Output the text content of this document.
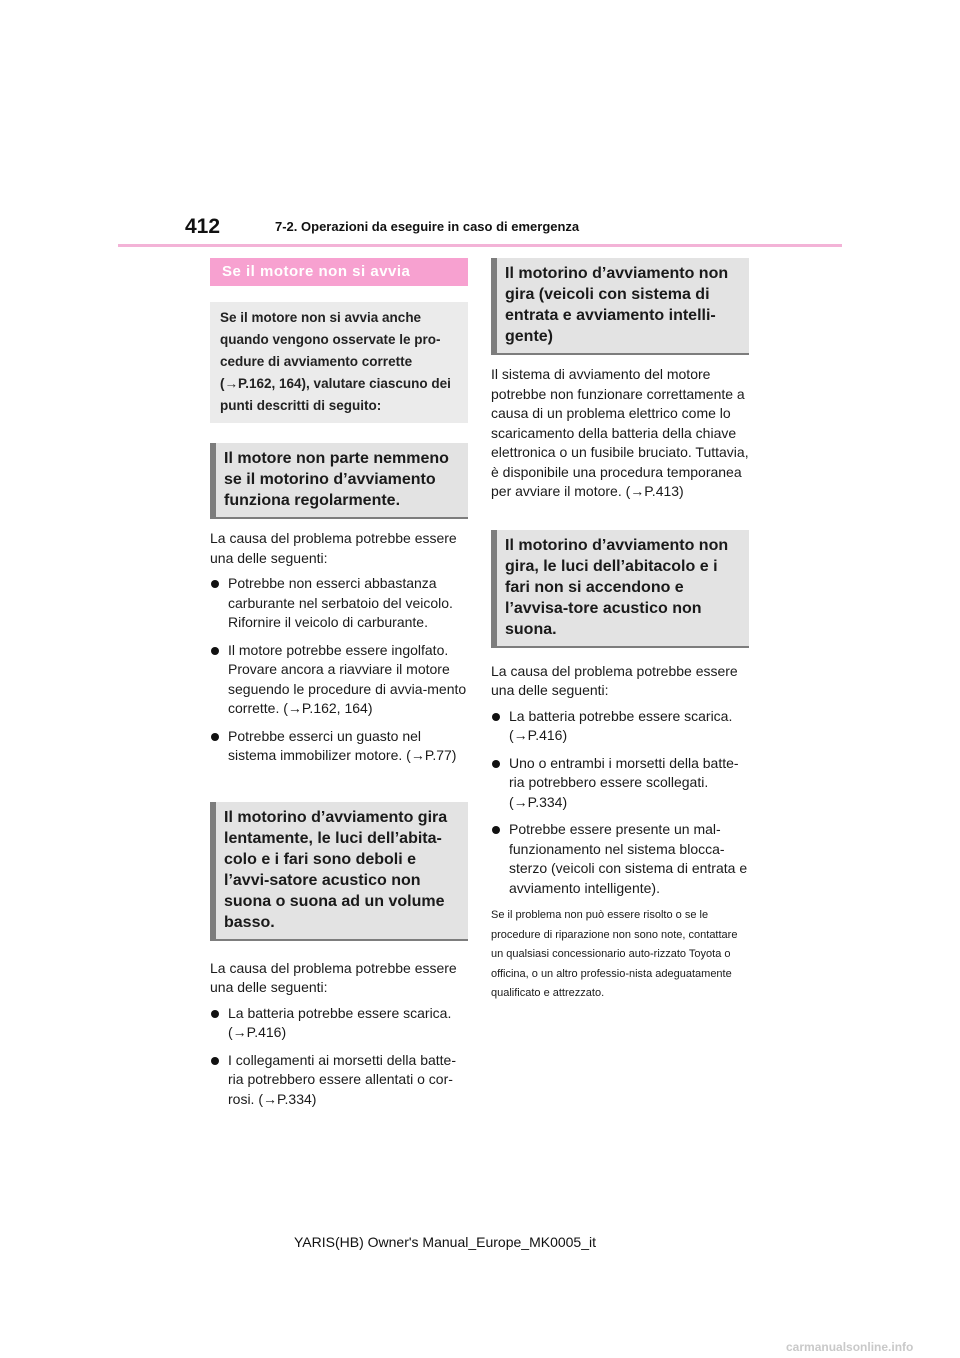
412	7-2. Operazioni da eseguire in caso di emergenza
Se il motore non si avvia
Se il motore non si avvia anche quando vengono osservate le pro-cedure di avviamento corrette (→P.162, 164), valutare ciascuno dei punti descritti di seguito:
Il motore non parte nemmeno se il motorino d’avviamento funziona regolarmente.

La causa del problema potrebbe essere una delle seguenti:

Potrebbe non esserci abbastanza carburante nel serbatoio del veicolo. Rifornire il veicolo di carburante.
Il motore potrebbe essere ingolfato. Provare ancora a riavviare il motore seguendo le procedure di avvia-mento corrette. (→P.162, 164)
Potrebbe esserci un guasto nel sistema immobilizer motore. (→P.77)
Il motorino d’avviamento gira lentamente, le luci dell’abita-colo e i fari sono deboli e l’avvi-satore acustico non suona o suona ad un volume basso.

La causa del problema potrebbe essere una delle seguenti:

La batteria potrebbe essere scarica. (→P.416)
I collegamenti ai morsetti della batte-ria potrebbero essere allentati o cor-rosi. (→P.334)
Il motorino d’avviamento non gira (veicoli con sistema di entrata e avviamento intelli-gente)

Il sistema di avviamento del motore potrebbe non funzionare correttamente a causa di un problema elettrico come lo scaricamento della batteria della chiave elettronica o un fusibile bruciato. Tuttavia, è disponibile una procedura temporanea per avviare il motore. (→P.413)

Il motorino d’avviamento non gira, le luci dell’abitacolo e i fari non si accendono e l’avvisa-tore acustico non suona.

La causa del problema potrebbe essere una delle seguenti:

La batteria potrebbe essere scarica. (→P.416)
Uno o entrambi i morsetti della batte-ria potrebbero essere scollegati. (→P.334)
Potrebbe essere presente un mal-funzionamento nel sistema blocca-sterzo (veicoli con sistema di entrata e avviamento intelligente).
Se il problema non può essere risolto o se le procedure di riparazione non sono note, contattare un qualsiasi concessionario auto-rizzato Toyota o officina, o un altro professio-nista adeguatamente qualificato e attrezzato.
YARIS(HB) Owner's Manual_Europe_MK0005_it
carmanualsonline.info
